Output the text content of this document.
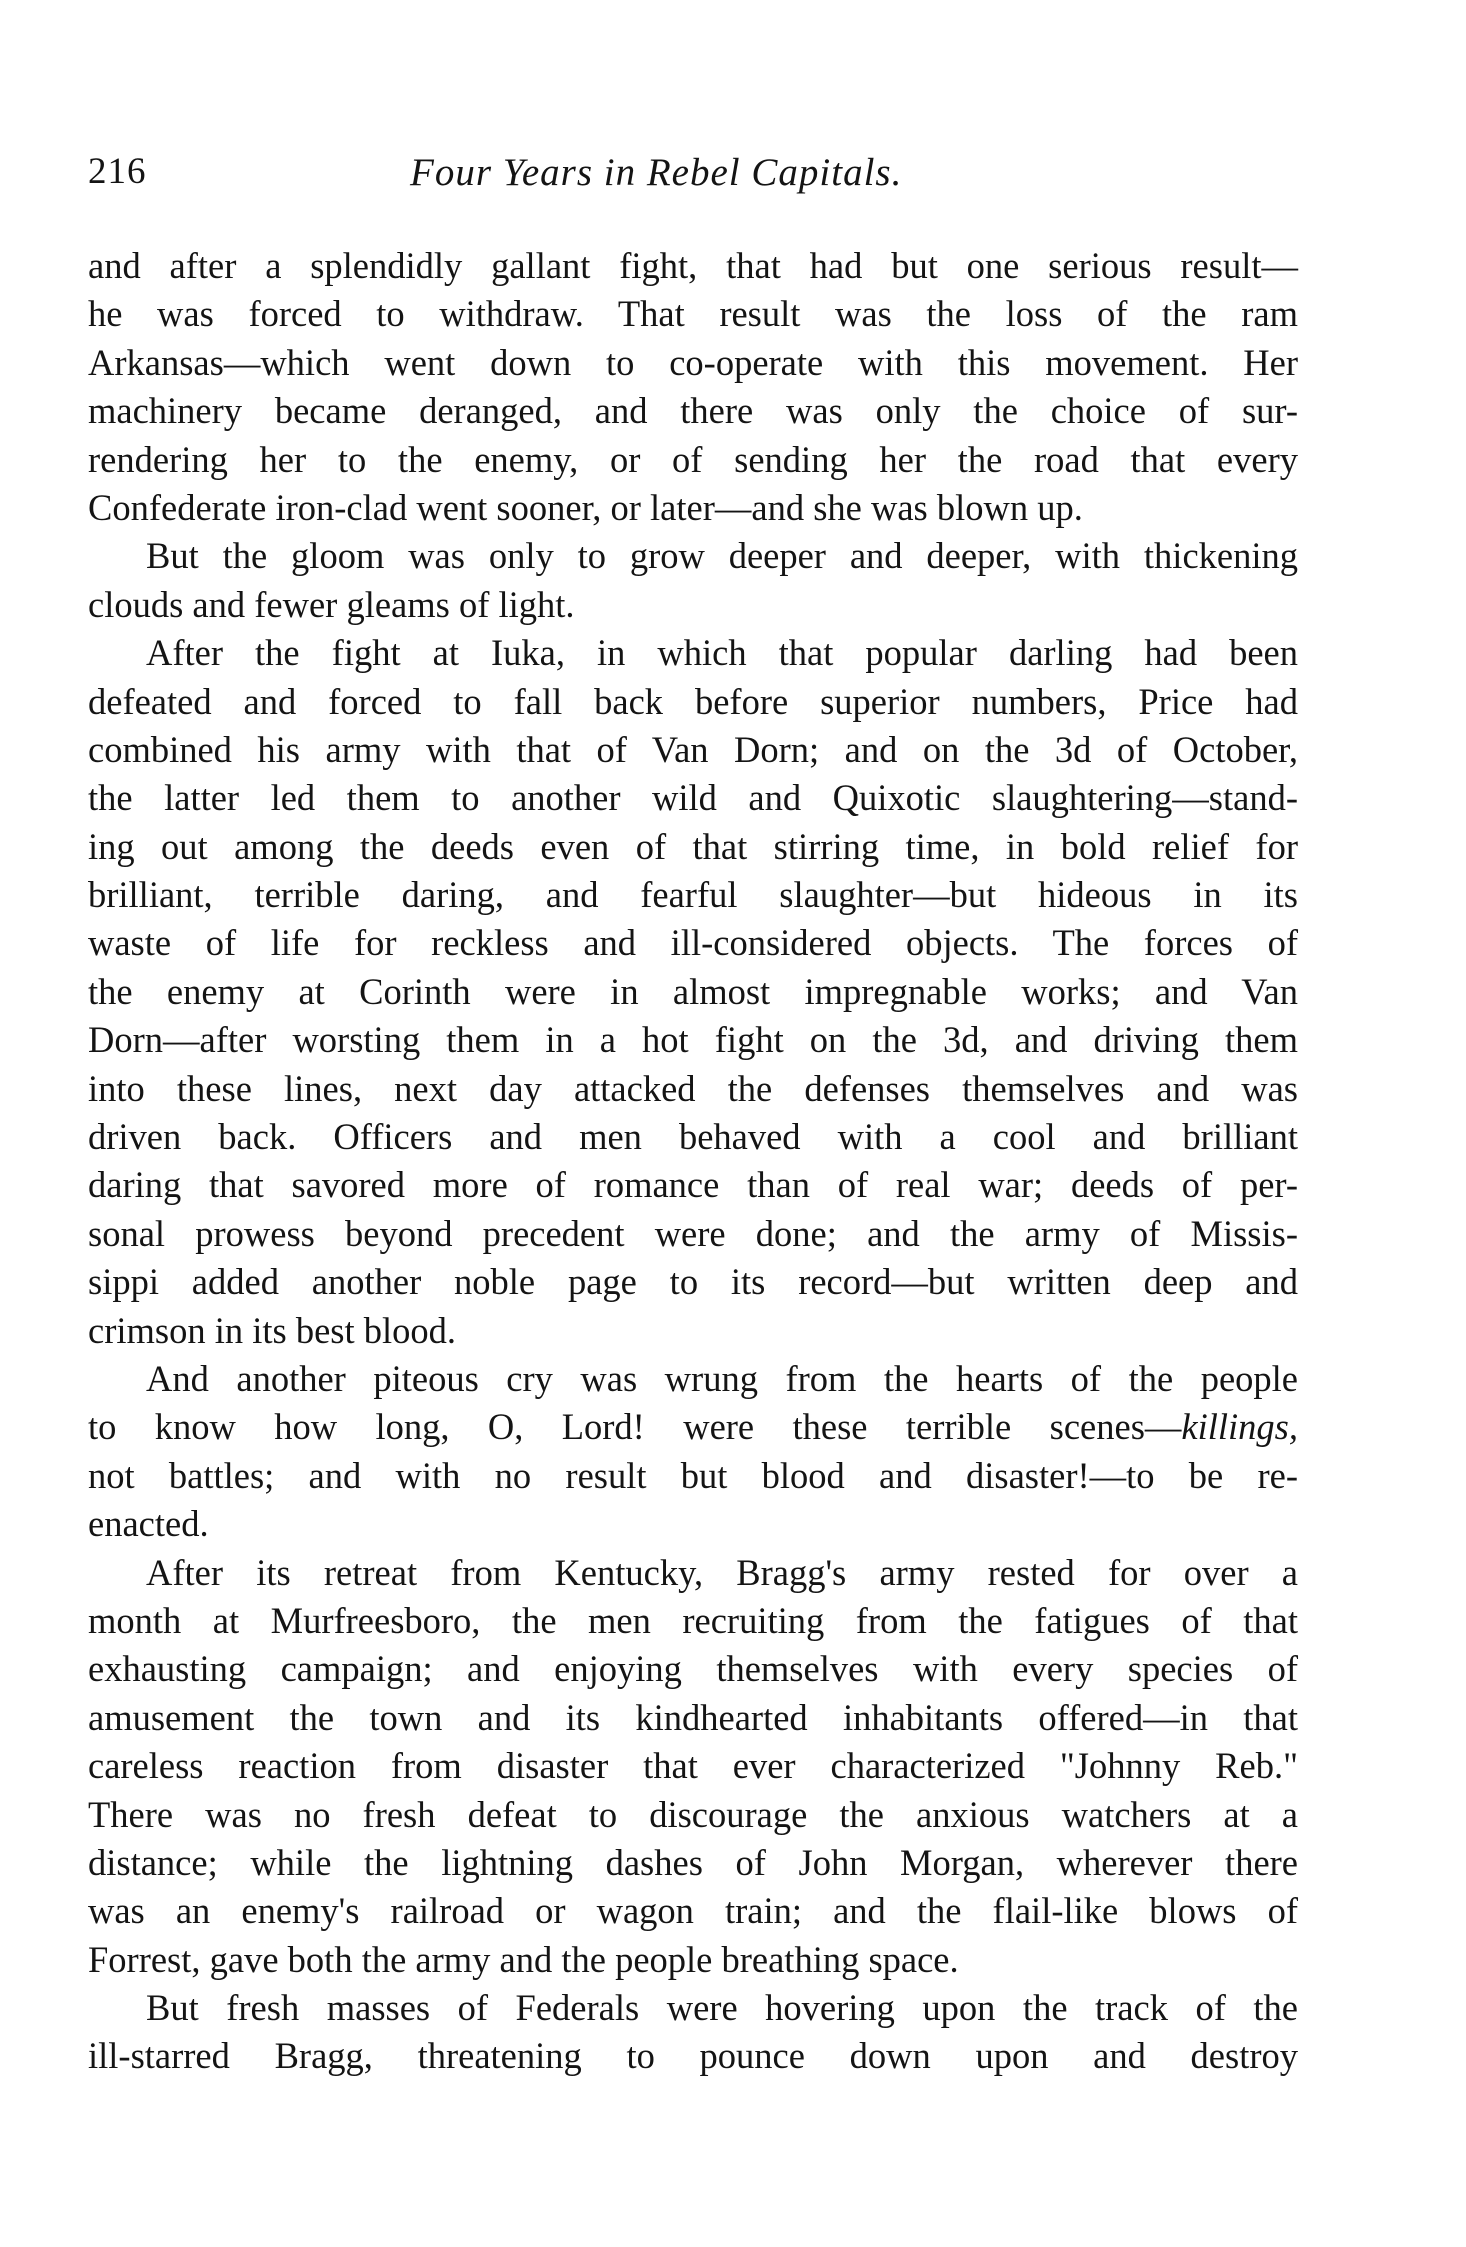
216	Four Years in Rebel Capitals.
and after a splendidly gallant fight, that had but one serious result—
he was forced to withdraw. That result was the loss of the ram
Arkansas—which went down to co-operate with this movement. Her
machinery became deranged, and there was only the choice of sur-
rendering her to the enemy, or of sending her the road that every
Confederate iron-clad went sooner, or later—and she was blown up.
But the gloom was only to grow deeper and deeper, with thickening
clouds and fewer gleams of light.
After the fight at Iuka, in which that popular darling had been
defeated and forced to fall back before superior numbers, Price had
combined his army with that of Van Dorn; and on the 3d of October,
the latter led them to another wild and Quixotic slaughtering—stand-
ing out among the deeds even of that stirring time, in bold relief for
brilliant, terrible daring, and fearful slaughter—but hideous in its
waste of life for reckless and ill-considered objects. The forces of
the enemy at Corinth were in almost impregnable works; and Van
Dorn—after worsting them in a hot fight on the 3d, and driving them
into these lines, next day attacked the defenses themselves and was
driven back. Officers and men behaved with a cool and brilliant
daring that savored more of romance than of real war; deeds of per-
sonal prowess beyond precedent were done; and the army of Missis-
sippi added another noble page to its record—but written deep and
crimson in its best blood.
And another piteous cry was wrung from the hearts of the people
to know how long, O, Lord! were these terrible scenes—killings,
not battles; and with no result but blood and disaster!—to be re-
enacted.
After its retreat from Kentucky, Bragg's army rested for over a
month at Murfreesboro, the men recruiting from the fatigues of that
exhausting campaign; and enjoying themselves with every species of
amusement the town and its kindhearted inhabitants offered—in that
careless reaction from disaster that ever characterized "Johnny Reb."
There was no fresh defeat to discourage the anxious watchers at a
distance; while the lightning dashes of John Morgan, wherever there
was an enemy's railroad or wagon train; and the flail-like blows of
Forrest, gave both the army and the people breathing space.
But fresh masses of Federals were hovering upon the track of the
ill-starred Bragg, threatening to pounce down upon and destroy
